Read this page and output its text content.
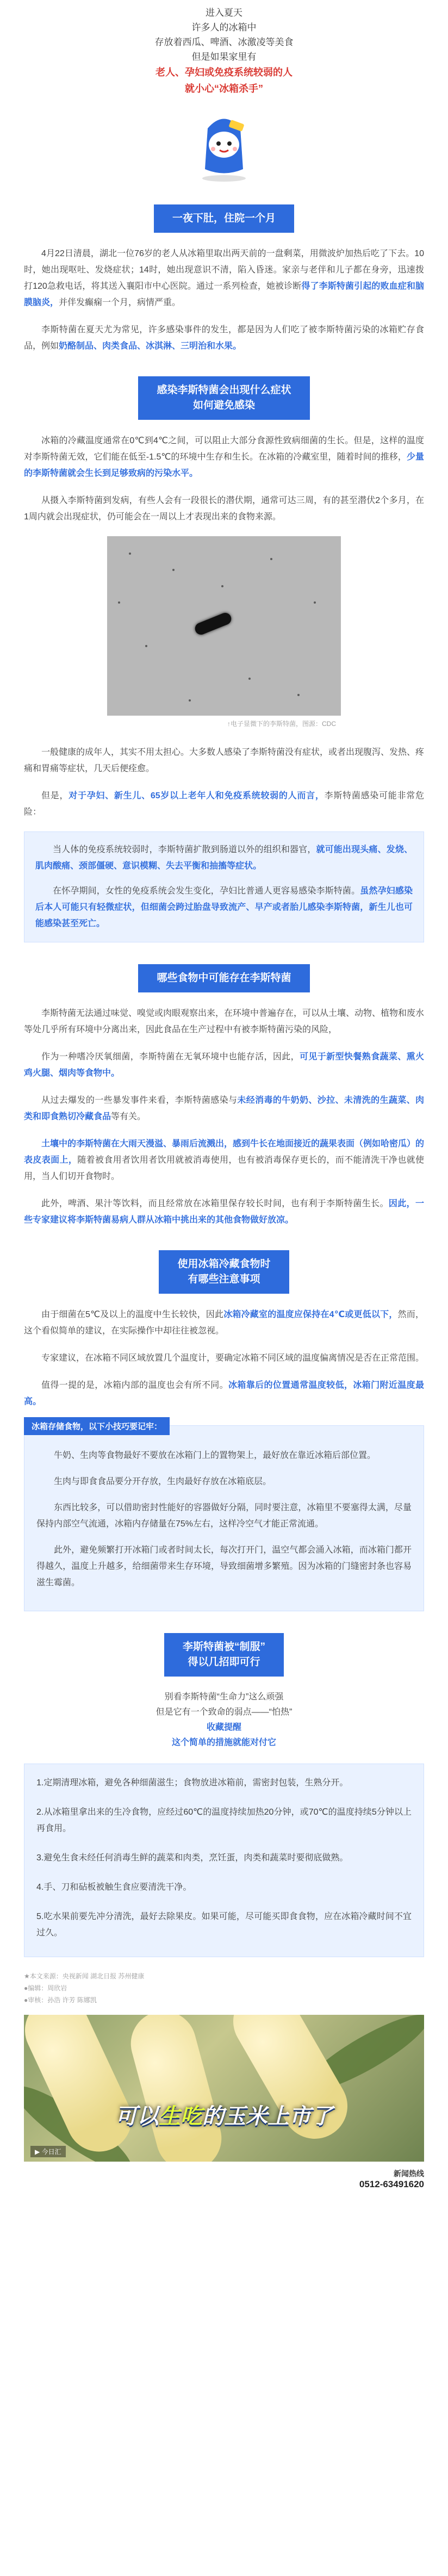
进入夏天

许多人的冰箱中

存放着西瓜、啤酒、冰激凌等美食

但是如果家里有

老人、孕妇或免疫系统较弱的人

就小心“冰箱杀手”

一夜下肚，住院一个月

4月22日清晨，湖北一位76岁的老人从冰箱里取出两天前的一盘剩菜，用微波炉加热后吃了下去。10时，她出现呕吐、发烧症状；14时，她出现意识不清，陷入昏迷。家亲与老伴和儿子都在身旁，迅速拨打120急救电话，将其送入襄阳市中心医院。通过一系列检查，她被诊断得了李斯特菌引起的败血症和脑膜脑炎，并伴发癫痫一个月，病情严重。

李斯特菌在夏天尤为常见，许多感染事件的发生，都是因为人们吃了被李斯特菌污染的冰箱贮存食品，例如奶酪制品、肉类食品、冰淇淋、三明治和水果。

感染李斯特菌会出现什么症状
如何避免感染

冰箱的冷藏温度通常在0℃到4℃之间，可以阻止大部分食源性致病细菌的生长。但是，这样的温度对李斯特菌无效，它们能在低至-1.5℃的环境中生存和生长。在冰箱的冷藏室里，随着时间的推移，少量的李斯特菌就会生长到足够致病的污染水平。

从摄入李斯特菌到发病，有些人会有一段很长的潜伏期，通常可达三周，有的甚至潜伏2个多月，在1周内就会出现症状，仍可能会在一周以上才表现出来的食物来源。

↑电子显微下的李斯特菌，图源：CDC

一般健康的成年人，其实不用太担心。大多数人感染了李斯特菌没有症状，或者出现腹泻、发热、疼痛和胃痛等症状，几天后便痊愈。

但是，对于孕妇、新生儿、65岁以上老年人和免疫系统较弱的人而言，李斯特菌感染可能非常危险：

当人体的免疫系统较弱时，李斯特菌扩散到肠道以外的组织和器官，就可能出现头痛、发烧、肌肉酸痛、颈部僵硬、意识模糊、失去平衡和抽搐等症状。

在怀孕期间，女性的免疫系统会发生变化，孕妇比普通人更容易感染李斯特菌。虽然孕妇感染后本人可能只有轻微症状，但细菌会跨过胎盘导致流产、早产或者胎儿感染李斯特菌，新生儿也可能感染甚至死亡。

哪些食物中可能存在李斯特菌

李斯特菌无法通过味觉、嗅觉或肉眼观察出来，在环境中普遍存在，可以从土壤、动物、植物和废水等处几乎所有环境中分离出来，因此食品在生产过程中有被李斯特菌污染的风险，

作为一种嗜冷厌氧细菌，李斯特菌在无氧环境中也能存活，因此，可见于新型快餐熟食蔬菜、熏火鸡火腿、烟肉等食物中。

从过去爆发的一些暴发事件来看，李斯特菌感染与未经消毒的牛奶奶、沙拉、未清洗的生蔬菜、肉类和即食熟切冷藏食品等有关。

土壤中的李斯特菌在大雨天漫溢、暴雨后流溅出，感到牛长在地面接近的蔬果表面（例如哈密瓜）的表皮表面上，随着被食用者饮用者饮用就被消毒使用，也有被消毒保存更长的，而不能清洗干净也就使用，当人们切开食物时。

此外，啤酒、果汁等饮料，而且经常放在冰箱里保存较长时间，也有利于李斯特菌生长。因此，一些专家建议将李斯特菌易病人群从冰箱中挑出来的其他食物做好放凉。

使用冰箱冷藏食物时
有哪些注意事项

由于细菌在5℃及以上的温度中生长较快，因此冰箱冷藏室的温度应保持在4℃或更低以下，然而，这个看似简单的建议，在实际操作中却往往被忽视。

专家建议，在冰箱不同区域放置几个温度计，要确定冰箱不同区域的温度偏离情况是否在正常范围。

值得一提的是，冰箱内部的温度也会有所不同。冰箱靠后的位置通常温度较低，冰箱门附近温度最高。

冰箱存储食物，以下小技巧要记牢：

牛奶、生肉等食物最好不要放在冰箱门上的置物架上，最好放在靠近冰箱后部位置。

生肉与即食食品要分开存放，生肉最好存放在冰箱底层。

东西比较多，可以借助密封性能好的容器做好分隔，同时要注意，冰箱里不要塞得太满，尽量保持内部空气流通，冰箱内存储量在75%左右，这样冷空气才能正常流通。

此外，避免频繁打开冰箱门或者时间太长，每次打开门，温空气都会涌入冰箱，而冰箱门都开得越久，温度上升越多，给细菌带来生存环境，导致细菌增多繁殖。因为冰箱的门缝密封条也容易滋生霉菌。

李斯特菌被“制服”
得以几招即可行

别看李斯特菌“生命力”这么顽强

但是它有一个致命的弱点——“怕热”

收藏提醒

这个简单的措施就能对付它

1.定期清理冰箱，避免各种细菌滋生；食物放进冰箱前，需密封包装，生熟分开。

2.从冰箱里拿出来的生冷食物，应经过60℃的温度持续加热20分钟，或70℃的温度持续5分钟以上再食用。

3.避免生食未经任何消毒生鲜的蔬菜和肉类，烹饪蛋，肉类和蔬菜时要彻底做熟。

4.手、刀和砧板被触生食应要清洗干净。

5.吃水果前要先冲分清洗，最好去除果皮。如果可能，尽可能买即食食物，应在冰箱冷藏时间不宜过久。

★本文来源：央视新闻 湖北日报 苏州健康

●编辑：周欣岩

●审核：孙浩 许芳 陈娜凯

可以生吃的玉米上市了
▶ 今日汇
新闻热线
0512-63491620
